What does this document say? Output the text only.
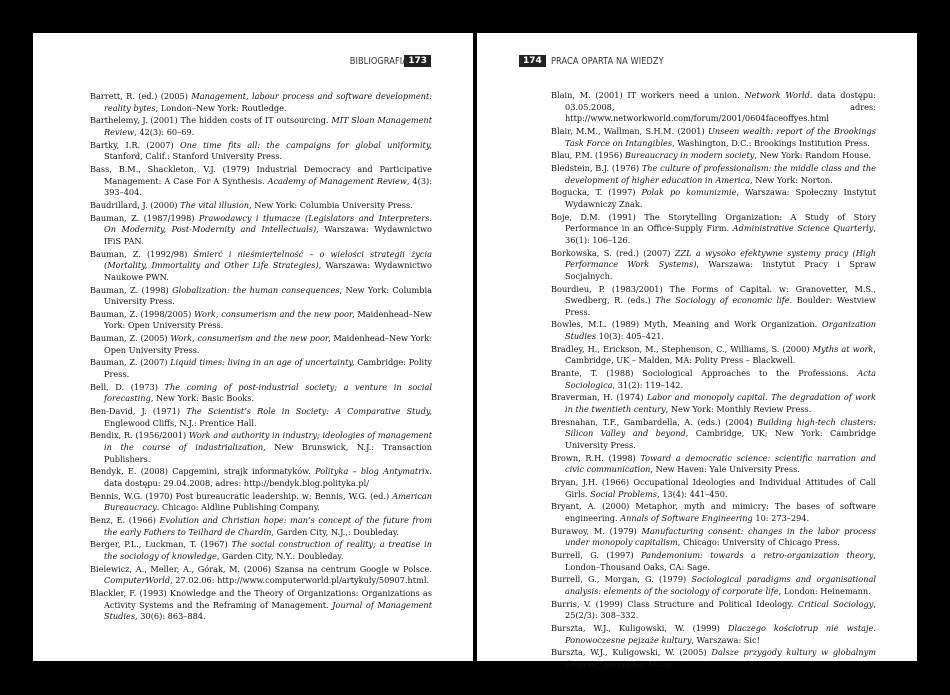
BIBLIOGRAFIA 173

Barrett, R. (ed.) (2005) Management, labour process and software development: reality bytes, London–New York: Routledge.

Barthelemy, J. (2001) The hidden costs of IT outsourcing. MIT Sloan Management Review, 42(3): 60–69.

Bartky, I.R. (2007) One time fits all: the campaigns for global uniformity, Stanford, Calif.: Stanford University Press.

Bass, B.M., Shackleton, V.J. (1979) Industrial Democracy and Participative Management: A Case For A Synthesis. Academy of Management Review, 4(3): 393–404.

Baudrillard, J. (2000) The vital illusion, New York: Columbia University Press.

Bauman, Z. (1987/1998) Prawodawcy i tłumacze (Legislators and Interpreters. On Modernity, Post-Modernity and Intellectuals), Warszawa: Wydawnictwo IFiS PAN.

Bauman, Z. (1992/98) Śmierć i nieśmiertelność – o wielości strategii życia (Mortality, Immortality and Other Life Strategies), Warszawa: Wydawnictwo Naukowe PWN.

Bauman, Z. (1998) Globalization: the human consequences, New York: Columbia University Press.

Bauman, Z. (1998/2005) Work, consumerism and the new poor, Maidenhead–New York: Open University Press.

Bauman, Z. (2005) Work, consumerism and the new poor, Maidenhead–New York: Open University Press.

Bauman, Z. (2007) Liquid times: living in an age of uncertainty, Cambridge: Polity Press.

Bell, D. (1973) The coming of post-industrial society; a venture in social forecasting, New York: Basic Books.

Ben-David, J. (1971) The Scientist’s Role in Society: A Comparative Study, Englewood Cliffs, N.J.: Prentice Hall.

Bendix, R. (1956/2001) Work and authority in industry; ideologies of management in the course of industrialization, New Brunswick, N.J.: Transaction Publishers.

Bendyk, E. (2008) Capgemini, strajk informatyków. Polityka – blog Antymatrix. data dostępu: 29.04.2008, adres: http://bendyk.blog.polityka.pl/

Bennis, W.G. (1970) Post bureaucratic leadership. w: Bennis, W.G. (ed.) American Bureaucracy. Chicago: Aldline Publishing Company.

Benz, E. (1966) Evolution and Christian hope: man’s concept of the future from the early Fathers to Teilhard de Chardin, Garden City, N.J.,: Doubleday.

Berger, P.L., Luckman, T. (1967) The social construction of reality; a treatise in the sociology of knowledge, Garden City, N.Y.: Doubleday.

Bielewicz, A., Meller, A., Górak, M. (2006) Szansa na centrum Google w Polsce. ComputerWorld, 27.02.06: http://www.computerworld.pl/artykuly/50907.html.

Blackler, F. (1993) Knowledge and the Theory of Organizations: Organizations as Activity Systems and the Reframing of Management. Journal of Management Studies, 30(6): 863–884.

174 PRACA OPARTA NA WIEDZY

Blain, M. (2001) IT workers need a union. Network World. data dostępu: 03.05.2008, adres: http://www.networkworld.com/forum/2001/0604faceoffyes.html

Blair, M.M., Wallman, S.H.M. (2001) Unseen wealth: report of the Brookings Task Force on Intangibles, Washington, D.C.: Brookings Institution Press.

Blau, P.M. (1956) Bureaucracy in modern society, New York: Random House.

Bledstein, B.J. (1976) The culture of professionalism: the middle class and the development of higher education in America, New York: Norton.

Bogucka, T. (1997) Polak po komunizmie, Warszawa: Społeczny Instytut Wydawniczy Znak.

Boje, D.M. (1991) The Storytelling Organization: A Study of Story Performance in an Office-Supply Firm. Administrative Science Quarterly, 36(1): 106–126.

Borkowska, S. (red.) (2007) ZZL a wysoko efektywne systemy pracy (High Performance Work Systems), Warszawa: Instytut Pracy i Spraw Socjalnych.

Bourdieu, P. (1983/2001) The Forms of Capital. w: Granovetter, M.S., Swedberg, R. (eds.) The Sociology of economic life. Boulder: Westview Press.

Bowles, M.L. (1989) Myth, Meaning and Work Organization. Organization Studies 10(3): 405–421.

Bradley, H., Erickson, M., Stephenson, C., Williams, S. (2000) Myths at work, Cambridge, UK – Malden, MA: Polity Press – Blackwell.

Brante, T. (1988) Sociological Approaches to the Professions. Acta Sociologica, 31(2): 119–142.

Braverman, H. (1974) Labor and monopoly capital. The degradation of work in the twentieth century, New York: Monthly Review Press.

Bresnahan, T.F., Gambardella, A. (eds.) (2004) Building high-tech clusters: Silicon Valley and beyond, Cambridge, UK; New York: Cambridge University Press.

Brown, R.H. (1998) Toward a democratic science: scientific narration and civic communication, New Haven: Yale University Press.

Bryan, J.H. (1966) Occupational Ideologies and Individual Attitudes of Call Girls. Social Problems, 13(4): 441–450.

Bryant, A. (2000) Metaphor, myth and mimicry: The bases of software engineering. Annals of Software Engineering 10: 273–294.

Burawoy, M. (1979) Manufacturing consent: changes in the labor process under monopoly capitalism, Chicago: University of Chicago Press.

Burrell, G. (1997) Pandemonium: towards a retro-organization theory, London–Thousand Oaks, CA: Sage.

Burrell, G., Morgan, G. (1979) Sociological paradigms and organisational analysis: elements of the sociology of corporate life, London: Heinemann.

Burris, V. (1999) Class Structure and Political Ideology. Critical Sociology, 25(2/3): 308–332.

Burszta, W.J., Kuligowski, W. (1999) Dlaczego kościotrup nie wstaje. Ponowoczesne pejzaże kultury, Warszawa: Sic!

Burszta, W.J., Kuligowski, W. (2005) Dalsze przygody kultury w globalnym świecie, Warszawa: Muza.
